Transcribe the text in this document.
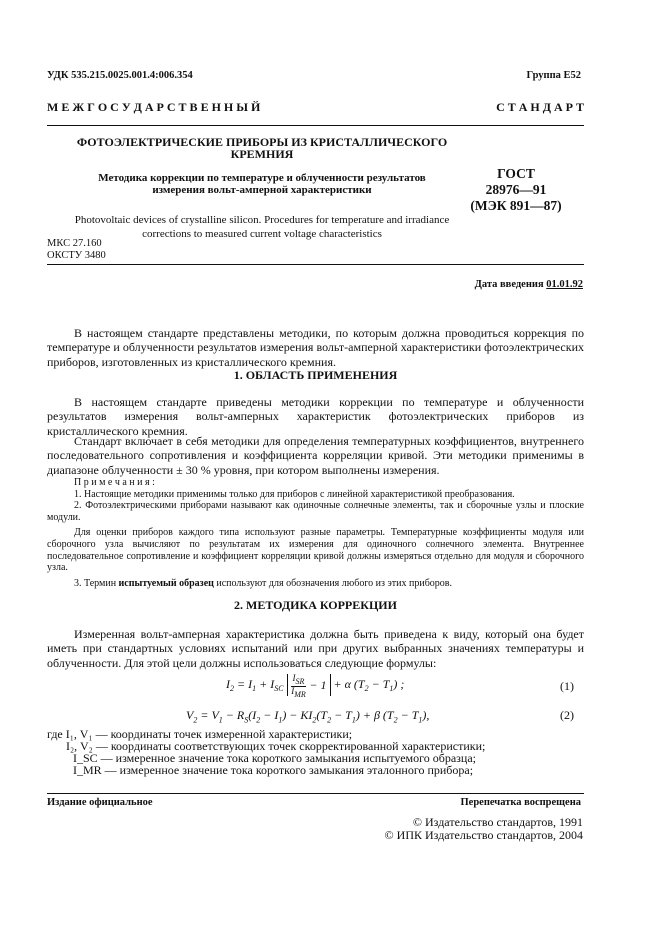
УДК 535.215.0025.001.4:006.354	Группа Е52
М Е Ж Г О С У Д А Р С Т В Е Н Н Ы Й	С Т А Н Д А Р Т
ФОТОЭЛЕКТРИЧЕСКИЕ ПРИБОРЫ ИЗ КРИСТАЛЛИЧЕСКОГО
КРЕМНИЯ
Методика коррекции по температуре и облученности результатов
измерения вольт-амперной характеристики
Photovoltaic devices of crystalline silicon. Procedures for temperature and irradiance
corrections to measured current voltage characteristics
ГОСТ
28976—91
(МЭК 891—87)
МКС 27.160
ОКСТУ 3480
Дата введения 01.01.92
В настоящем стандарте представлены методики, по которым должна проводиться коррекция по температуре и облученности результатов измерения вольт-амперной характеристики фотоэлектрических приборов, изготовленных из кристаллического кремния.
1. ОБЛАСТЬ ПРИМЕНЕНИЯ
В настоящем стандарте приведены методики коррекции по температуре и облученности результатов измерения вольт-амперных характеристик фотоэлектрических приборов из кристаллического кремния.
Стандарт включает в себя методики для определения температурных коэффициентов, внутреннего последовательного сопротивления и коэффициента корреляции кривой. Эти методики применимы в диапазоне облученности ± 30 % уровня, при котором выполнены измерения.
П р и м е ч а н и я :
1. Настоящие методики применимы только для приборов с линейной характеристикой преобразования.
2. Фотоэлектрическими приборами называют как одиночные солнечные элементы, так и сборочные узлы и плоские модули.
Для оценки приборов каждого типа используют разные параметры. Температурные коэффициенты модуля или сборочного узла вычисляют по результатам их измерения для одиночного солнечного элемента. Внутреннее последовательное сопротивление и коэффициент корреляции кривой должны измеряться отдельно для модуля и сборочного узла.
3. Термин испытуемый образец используют для обозначения любого из этих приборов.
2. МЕТОДИКА КОРРЕКЦИИ
Измеренная вольт-амперная характеристика должна быть приведена к виду, который она будет иметь при стандартных условиях испытаний или при других выбранных значениях температуры и облученности. Для этой цели должны использоваться следующие формулы:
$I_2 = I_1 + I_{SC} \frac{I_{SR}}{I_{MR}} - 1 + \alpha$ $(T_2 - T_1)$ ;	(1)
$V_2 = V_1 - R_S(I_2 - I_1) - KI_2(T_2 - T_1) + \beta$ $(T_2 - T_1)$,	(2)
где I₁, V₁ — координаты точек измеренной характеристики;
I₂, V₂ — координаты соответствующих точек скорректированной характеристики;
I_SC — измеренное значение тока короткого замыкания испытуемого образца;
I_MR — измеренное значение тока короткого замыкания эталонного прибора;
Издание официальное	Перепечатка воспрещена
© Издательство стандартов, 1991
© ИПК Издательство стандартов, 2004
